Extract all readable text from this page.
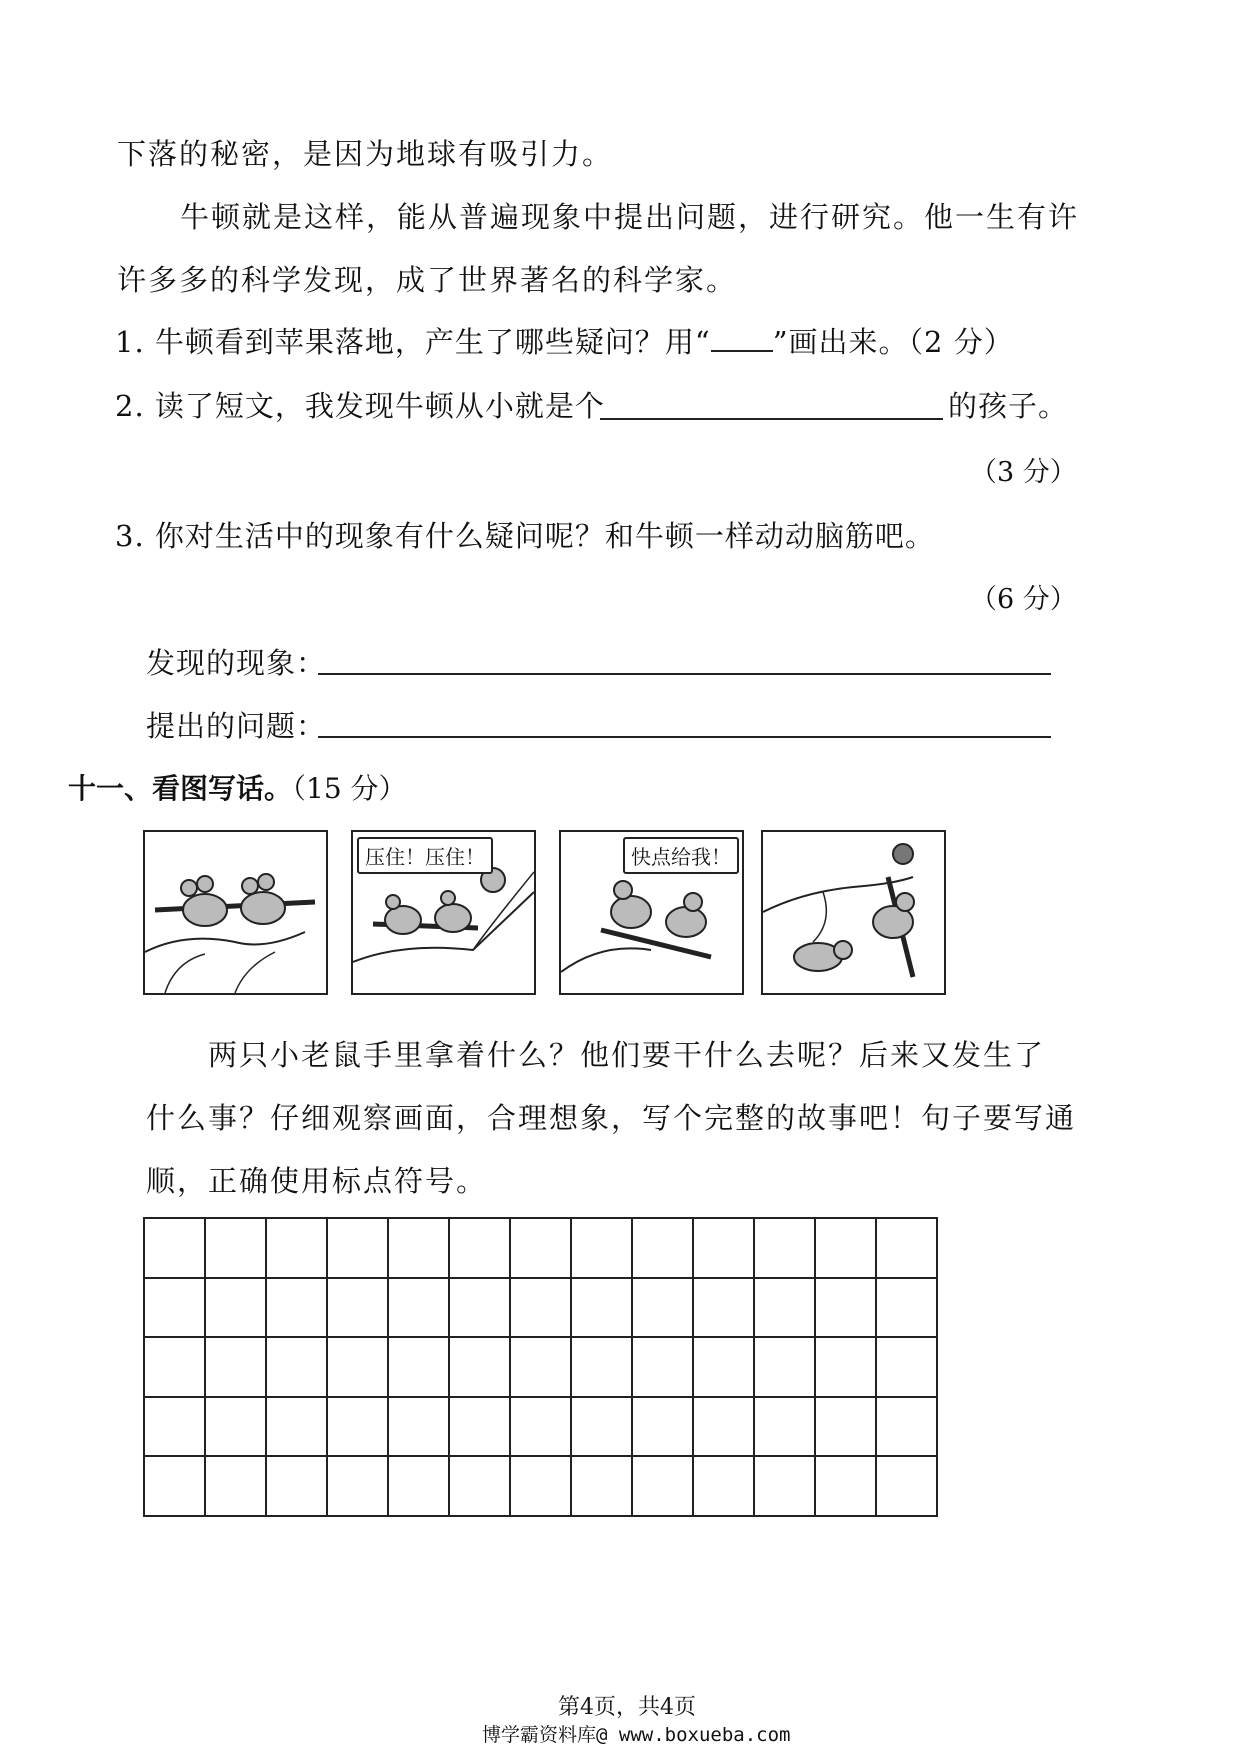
下落的秘密，是因为地球有吸引力。
牛顿就是这样，能从普遍现象中提出问题，进行研究。他一生有许
许多多的科学发现，成了世界著名的科学家。
1. 牛顿看到苹果落地，产生了哪些疑问？用“ ”画出来。（2 分）
2. 读了短文，我发现牛顿从小就是个	的孩子。
（3 分）
3. 你对生活中的现象有什么疑问呢？和牛顿一样动动脑筋吧。
（6 分）
发现的现象：
提出的问题：
十一、看图写话。（15 分）
压住！压住！	快点给我！
两只小老鼠手里拿着什么？他们要干什么去呢？后来又发生了
什么事？仔细观察画面，合理想象，写个完整的故事吧！句子要写通
顺，正确使用标点符号。
第4页，共4页
博学霸资料库@ www.boxueba.com
